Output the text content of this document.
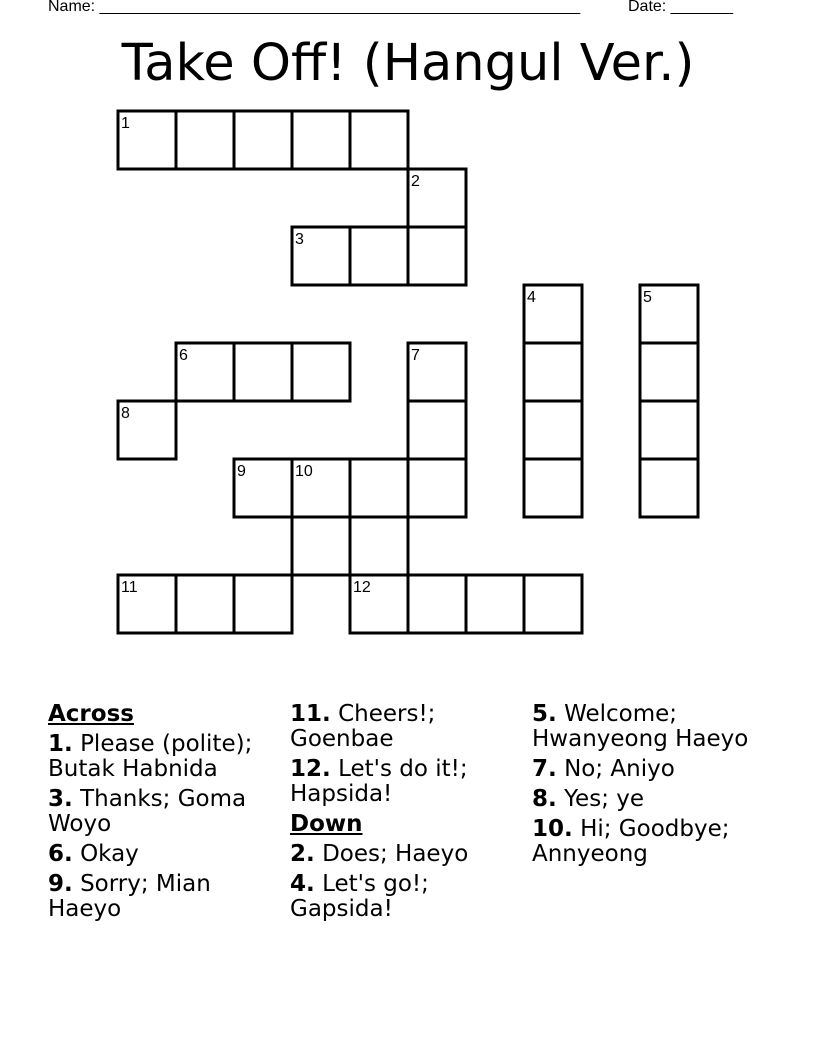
Name: ______________________________________________________	Date: _______
Take Off! (Hangul Ver.)
1
2
3
4	5
6	7
8
9	10
11	12
Across
1. Please (polite); Butak Habnida
3. Thanks; Goma Woyo
6. Okay
9. Sorry; Mian Haeyo
11. Cheers!; Goenbae
12. Let's do it!; Hapsida!
Down
2. Does; Haeyo
4. Let's go!; Gapsida!
5. Welcome; Hwanyeong Haeyo
7. No; Aniyo
8. Yes; ye
10. Hi; Goodbye; Annyeong
